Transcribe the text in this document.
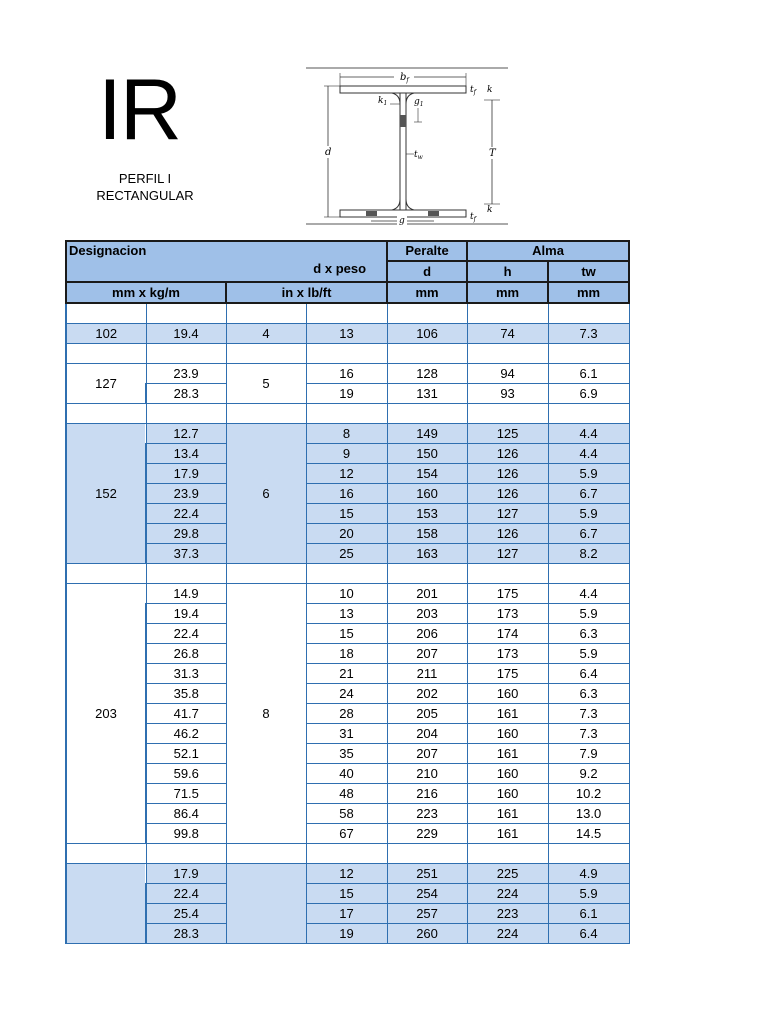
IR
PERFIL I
RECTANGULAR
$b_f$
d	T
$t_f$ k
$t_f$
k
$k_1$	$g_1$
$t_w$
g
Designacion
d x peso				Peralte	Alma	
				d	h	tw
mm x kg/m		in x lb/ft		mm	mm	mm

102	19.4	4	13	106	74	7.3

127	23.9	5	16	128	94	6.1
	28.3		19	131	93	6.9

152	12.7	6	8	149	125	4.4
	13.4		9	150	126	4.4
	17.9		12	154	126	5.9
	23.9		16	160	126	6.7
	22.4		15	153	127	5.9
	29.8		20	158	126	6.7
	37.3		25	163	127	8.2

203	14.9	8	10	201	175	4.4
	19.4		13	203	173	5.9
	22.4		15	206	174	6.3
	26.8		18	207	173	5.9
	31.3		21	211	175	6.4
	35.8		24	202	160	6.3
	41.7		28	205	161	7.3
	46.2		31	204	160	7.3
	52.1		35	207	161	7.9
	59.6		40	210	160	9.2
	71.5		48	216	160	10.2
	86.4		58	223	161	13.0
	99.8		67	229	161	14.5

	17.9		12	251	225	4.9
	22.4		15	254	224	5.9
	25.4		17	257	223	6.1
	28.3		19	260	224	6.4
